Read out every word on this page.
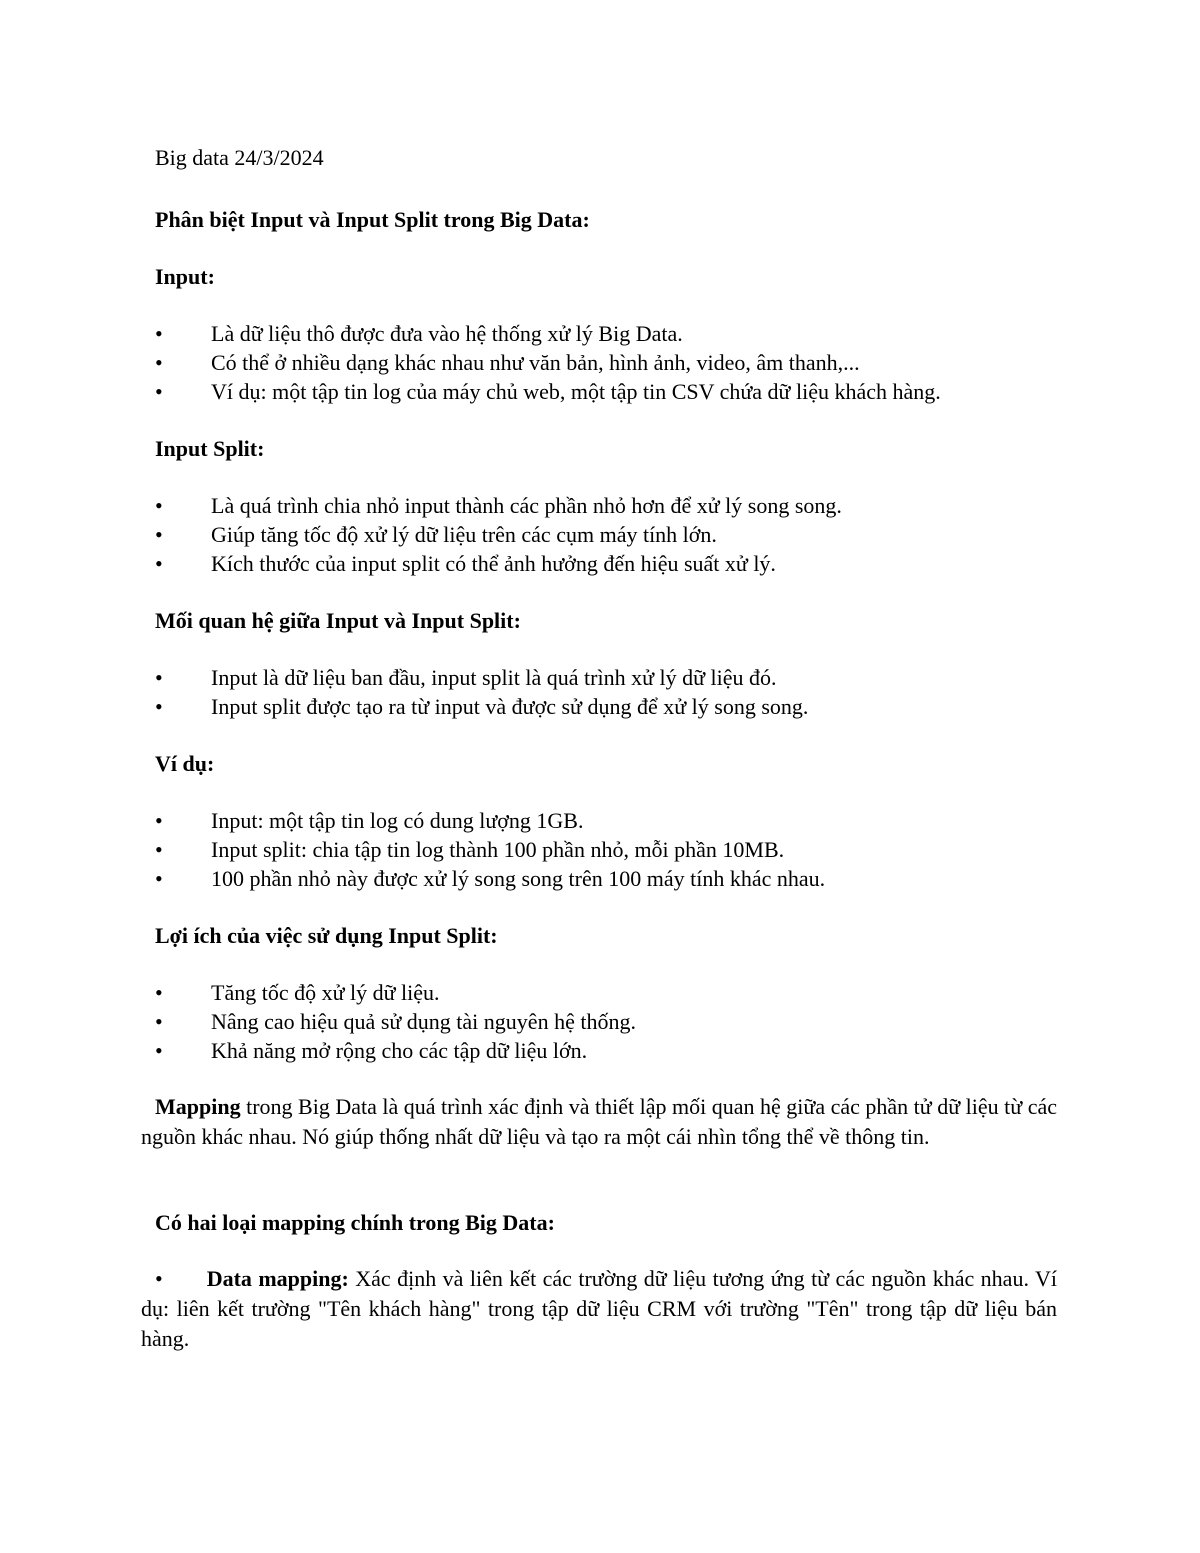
Big data 24/3/2024

Phân biệt Input và Input Split trong Big Data:

Input:

• Là dữ liệu thô được đưa vào hệ thống xử lý Big Data.
• Có thể ở nhiều dạng khác nhau như văn bản, hình ảnh, video, âm thanh,...
• Ví dụ: một tập tin log của máy chủ web, một tập tin CSV chứa dữ liệu khách hàng.

Input Split:

• Là quá trình chia nhỏ input thành các phần nhỏ hơn để xử lý song song.
• Giúp tăng tốc độ xử lý dữ liệu trên các cụm máy tính lớn.
• Kích thước của input split có thể ảnh hưởng đến hiệu suất xử lý.

Mối quan hệ giữa Input và Input Split:

• Input là dữ liệu ban đầu, input split là quá trình xử lý dữ liệu đó.
• Input split được tạo ra từ input và được sử dụng để xử lý song song.

Ví dụ:

• Input: một tập tin log có dung lượng 1GB.
• Input split: chia tập tin log thành 100 phần nhỏ, mỗi phần 10MB.
• 100 phần nhỏ này được xử lý song song trên 100 máy tính khác nhau.

Lợi ích của việc sử dụng Input Split:

• Tăng tốc độ xử lý dữ liệu.
• Nâng cao hiệu quả sử dụng tài nguyên hệ thống.
• Khả năng mở rộng cho các tập dữ liệu lớn.

Mapping trong Big Data là quá trình xác định và thiết lập mối quan hệ giữa các phần tử dữ liệu từ các nguồn khác nhau. Nó giúp thống nhất dữ liệu và tạo ra một cái nhìn tổng thể về thông tin.

Có hai loại mapping chính trong Big Data:

• Data mapping: Xác định và liên kết các trường dữ liệu tương ứng từ các nguồn khác nhau. Ví dụ: liên kết trường "Tên khách hàng" trong tập dữ liệu CRM với trường "Tên" trong tập dữ liệu bán hàng.
